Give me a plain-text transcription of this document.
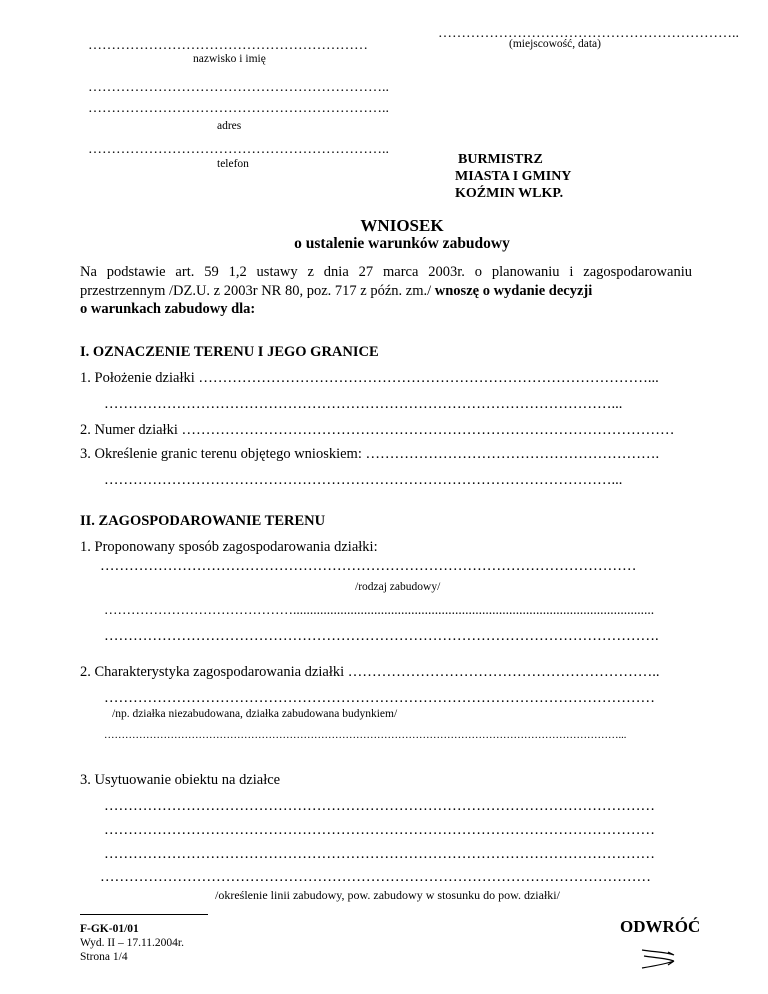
………………………………………………………..
(miejscowość, data)
……………………………………………………
nazwisko i imię
………………………………………………………..
………………………………………………………..
adres
………………………………………………………..
telefon	BURMISTRZ
MIASTA I GMINY
KOŹMIN WLKP.
WNIOSEK
o ustalenie warunków zabudowy
Na podstawie art. 59 1,2 ustawy z dnia 27 marca 2003r. o planowaniu i zagospodarowaniu
przestrzennym /DZ.U. z 2003r NR 80, poz. 717 z późn. zm./ wnoszę o wydanie decyzji
o warunkach zabudowy dla:
I. OZNACZENIE TERENU I JEGO GRANICE
1. Położenie działki …………………………………………………………………………………...
……………………………………………………………………………………………...
2. Numer działki …………………………………………………………………………………………
3. Określenie granic terenu objętego wnioskiem: …………………………………………………….
……………………………………………………………………………………………...
II. ZAGOSPODAROWANIE TERENU
1. Proponowany sposób zagospodarowania działki:
…………………………………………………………………………………………………
/rodzaj zabudowy/
……………………………………...........................................................................................................
…………………………………………………………………………………………………….
2. Charakterystyka zagospodarowania działki ………………………………………………………..
……………………………………………………………………………………………………
/np. działka niezabudowana, działka zabudowana budynkiem/
…………………………………………………………………………………………………………………………………...
3. Usytuowanie obiektu na działce
……………………………………………………………………………………………………
……………………………………………………………………………………………………
……………………………………………………………………………………………………
……………………………………………………………………………………………………
/określenie linii zabudowy, pow. zabudowy w stosunku do pow. działki/
F-GK-01/01
Wyd. II – 17.11.2004r.
Strona 1/4
ODWRÓĆ
